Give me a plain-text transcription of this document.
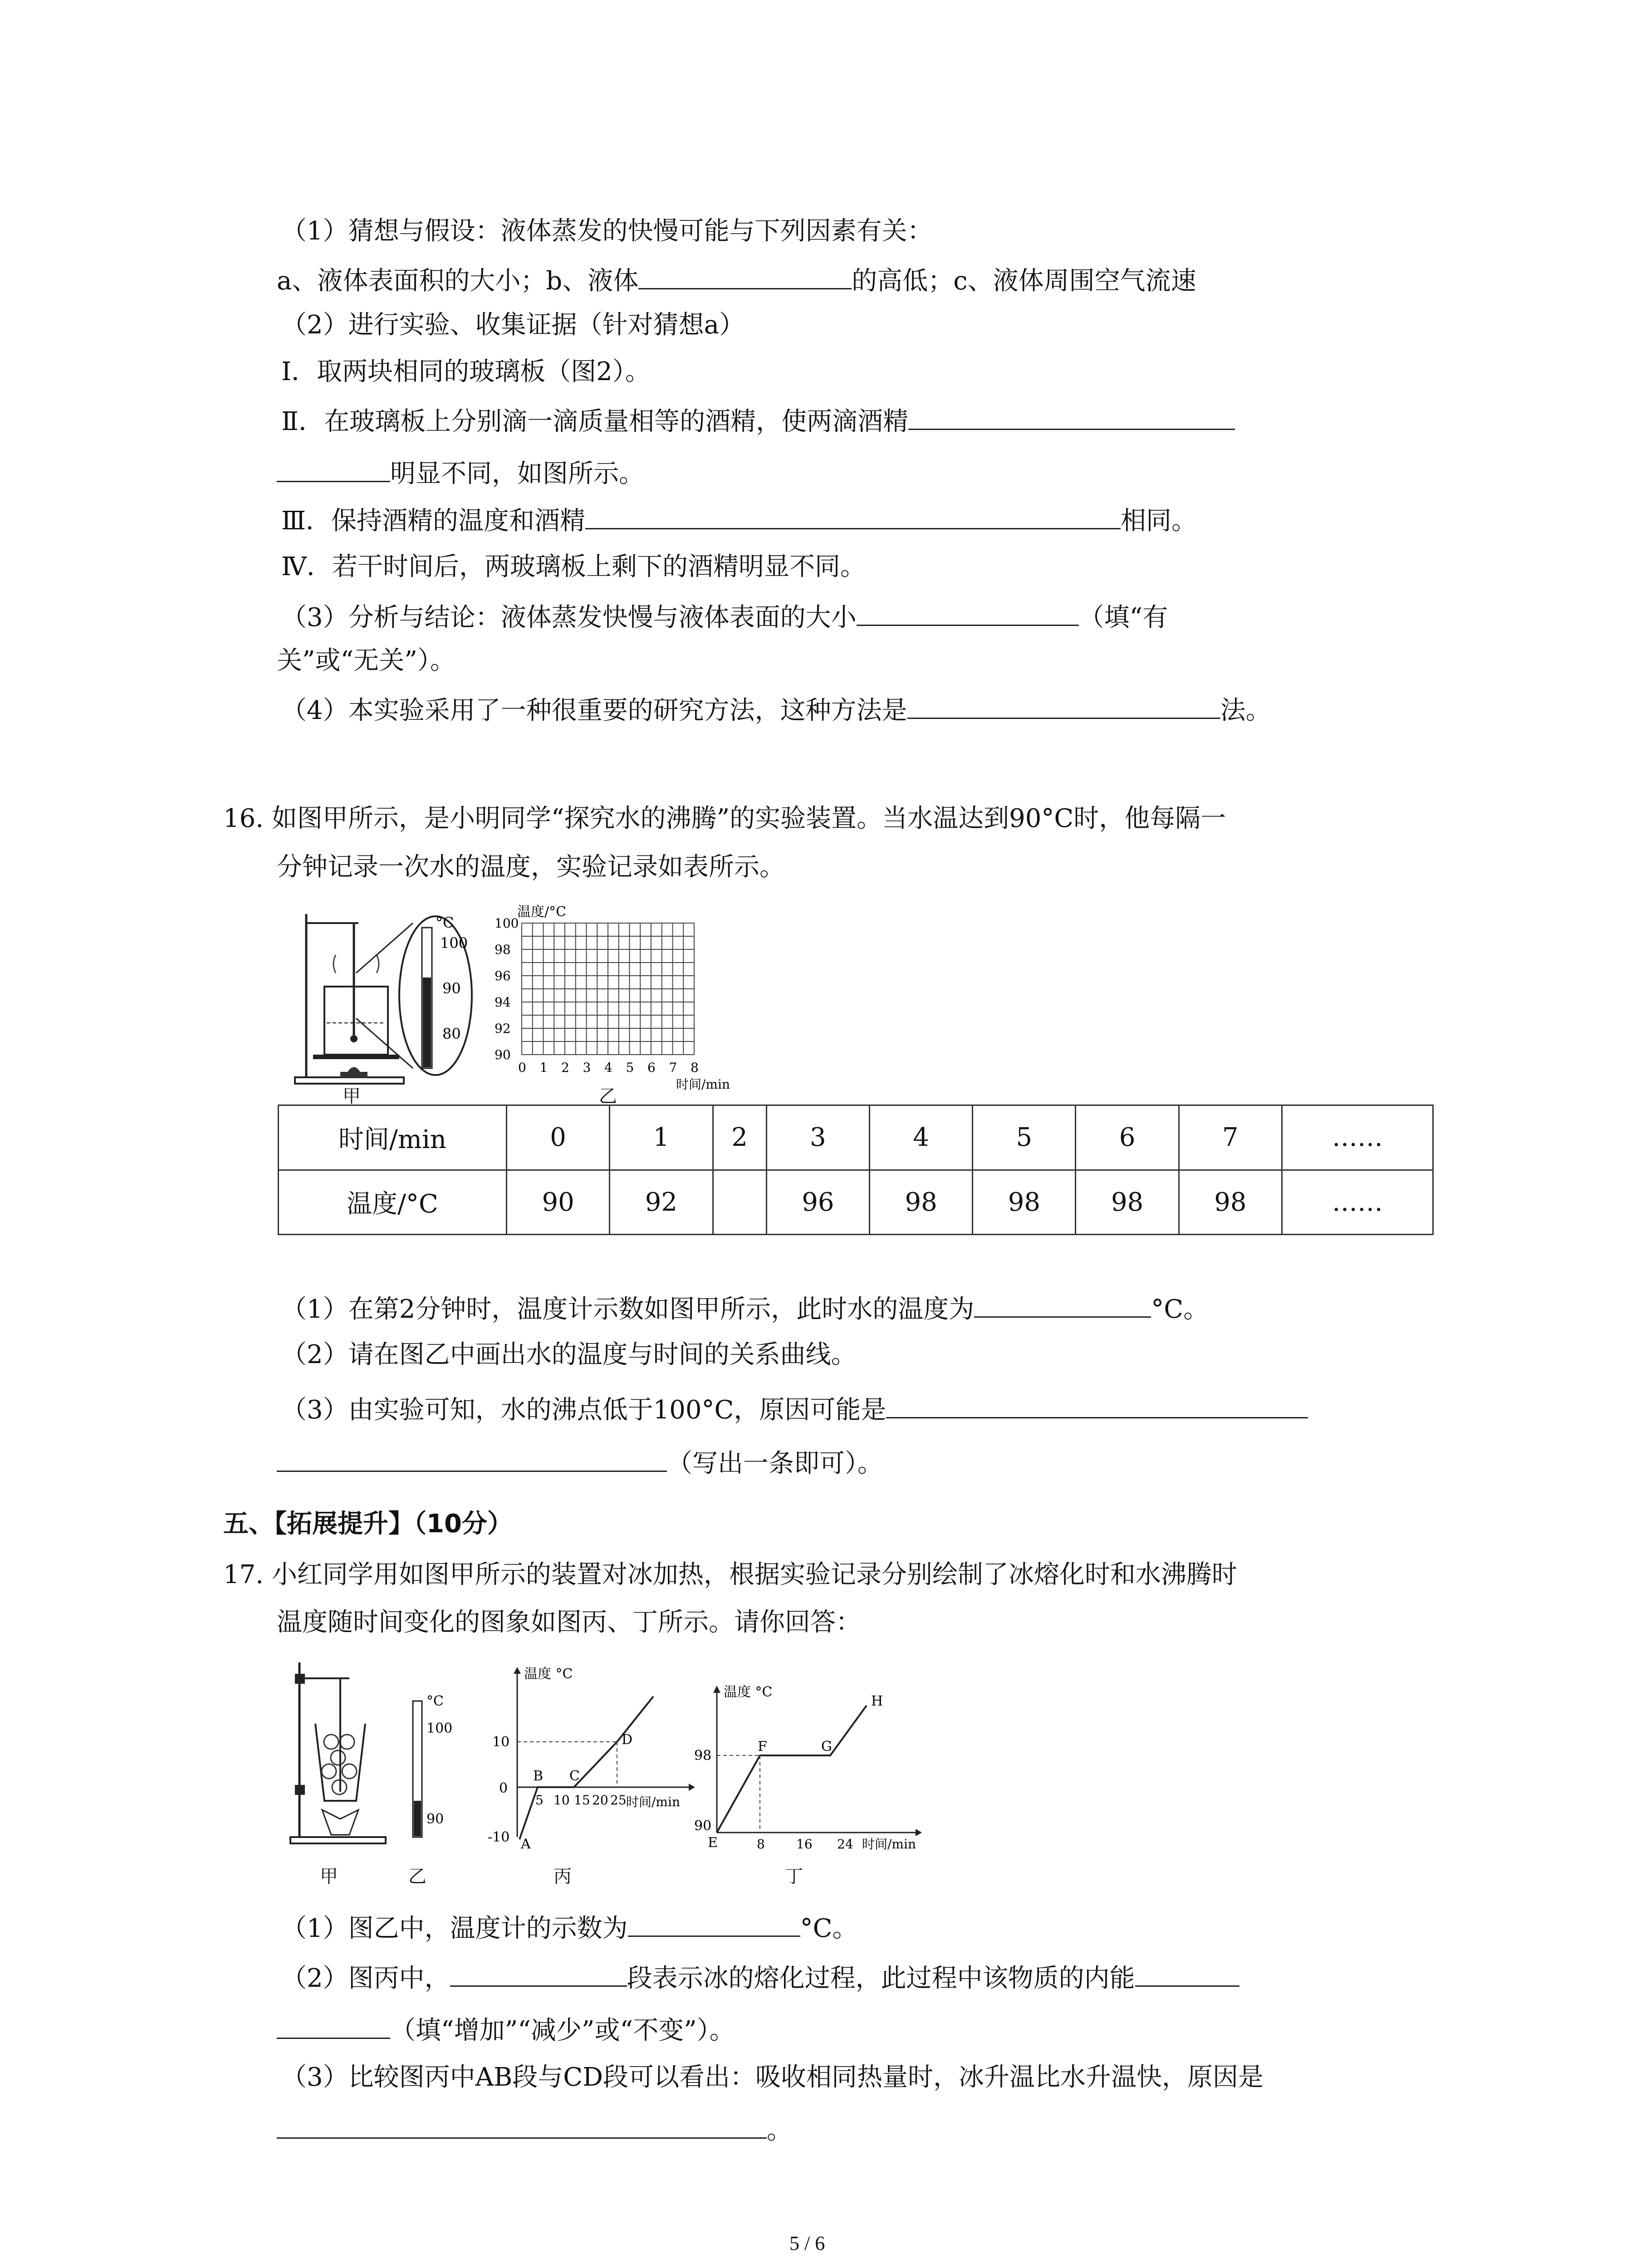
（1）猜想与假设：液体蒸发的快慢可能与下列因素有关：
a、液体表面积的大小；b、液体	的高低；c、液体周围空气流速
（2）进行实验、收集证据（针对猜想a）
Ⅰ．取两块相同的玻璃板（图2）。
Ⅱ．在玻璃板上分别滴一滴质量相等的酒精，使两滴酒精
明显不同，如图所示。
Ⅲ．保持酒精的温度和酒精	相同。
Ⅳ．若干时间后，两玻璃板上剩下的酒精明显不同。
（3）分析与结论：液体蒸发快慢与液体表面的大小	（填“有
关”或“无关”）。
（4）本实验采用了一种很重要的研究方法，这种方法是	法。
16. 如图甲所示，是小明同学“探究水的沸腾”的实验装置。当水温达到90°C时，他每隔一
分钟记录一次水的温度，实验记录如表所示。
°C
100
90
80
甲
温度/°C
时间/min
100
98
96
94
92
90
0 1 2 3 4 5 6 7 8
乙
时间/min	0	1	2	3	4	5	6	7	……
温度/°C	90	92		96	98	98	98	98	……
（1）在第2分钟时，温度计示数如图甲所示，此时水的温度为	°C。
（2）请在图乙中画出水的温度与时间的关系曲线。
（3）由实验可知，水的沸点低于100°C，原因可能是
（写出一条即可）。
五、【拓展提升】（10分）
17. 小红同学用如图甲所示的装置对冰加热，根据实验记录分别绘制了冰熔化时和水沸腾时
温度随时间变化的图象如图丙、丁所示。请你回答：
°C
100
90
甲	乙
温度 °C
时间/min
10
0
-10
5 10 15 20 25
A
B C
D
丙
温度 °C
时间/min
98
90
8 16 24
E
F	G
H
丁
（1）图乙中，温度计的示数为	°C。
（2）图丙中，	段表示冰的熔化过程，此过程中该物质的内能
（填“增加”“减少”或“不变”）。
（3）比较图丙中AB段与CD段可以看出：吸收相同热量时，冰升温比水升温快，原因是
。
5 / 6
